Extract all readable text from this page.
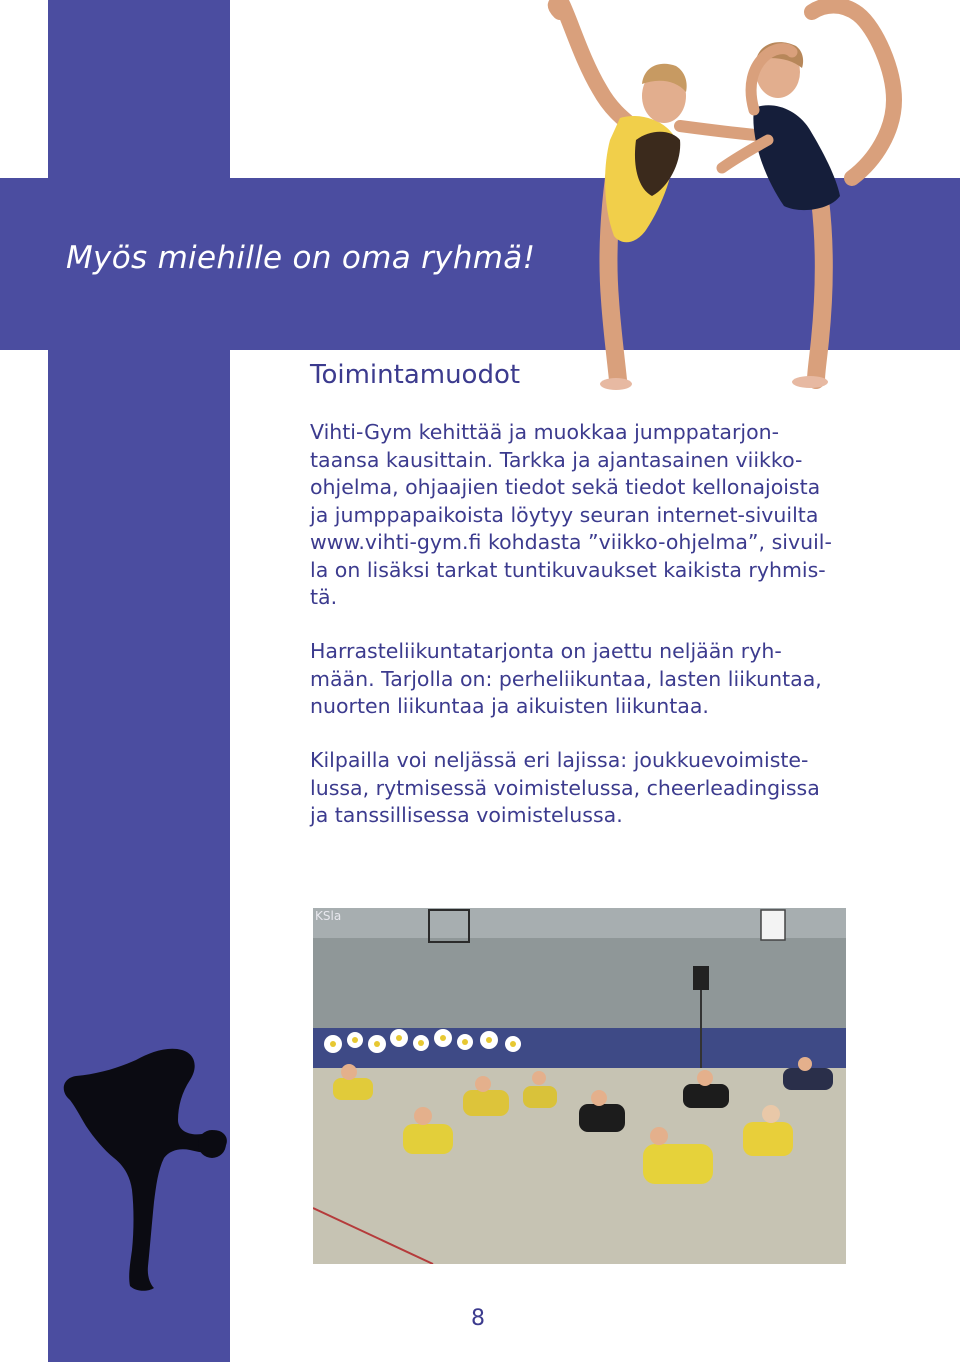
Myös miehille on oma ryhmä!
Toimintamuodot

Vihti-Gym kehittää ja muokkaa jumppatarjon-
taansa kausittain. Tarkka ja ajantasainen viikko-
ohjelma, ohjaajien tiedot sekä tiedot kellonajoista
ja jumppapaikoista löytyy seuran internet-sivuilta
www.vihti-gym.fi kohdasta ”viikko-ohjelma”, sivuil-
la on lisäksi tarkat tuntikuvaukset kaikista ryhmis-
tä.

Harrasteliikuntatarjonta on jaettu neljään ryh-
mään. Tarjolla on: perheliikuntaa, lasten liikuntaa,
nuorten liikuntaa ja aikuisten liikuntaa.

Kilpailla voi neljässä eri lajissa: joukkuevoimiste-
lussa, rytmisessä voimistelussa, cheerleadingissa
ja tanssillisessa voimistelussa.

KSla
8
